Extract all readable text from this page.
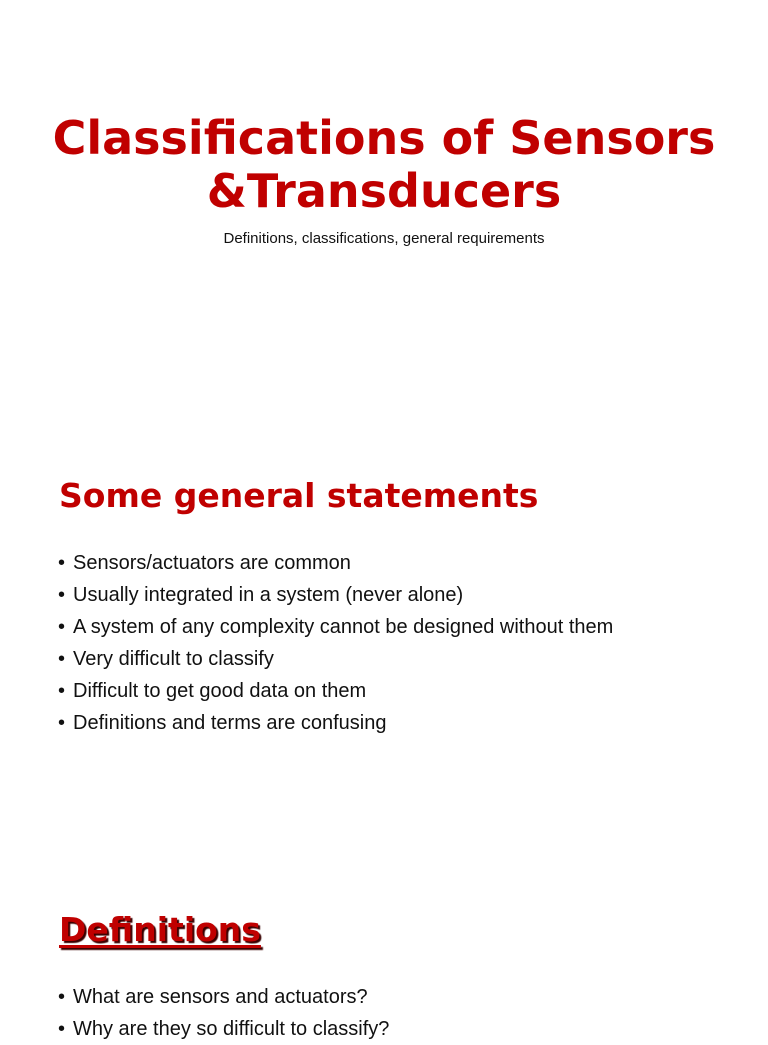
Classifications of Sensors
&Transducers
Definitions, classifications, general requirements
Some general statements
• Sensors/actuators are common
• Usually integrated in a system (never alone)
• A system of any complexity cannot be designed without them
• Very difficult to classify
• Difficult to get good data on them
• Definitions and terms are confusing
Definitions
• What are sensors and actuators?
• Why are they so difficult to classify?
